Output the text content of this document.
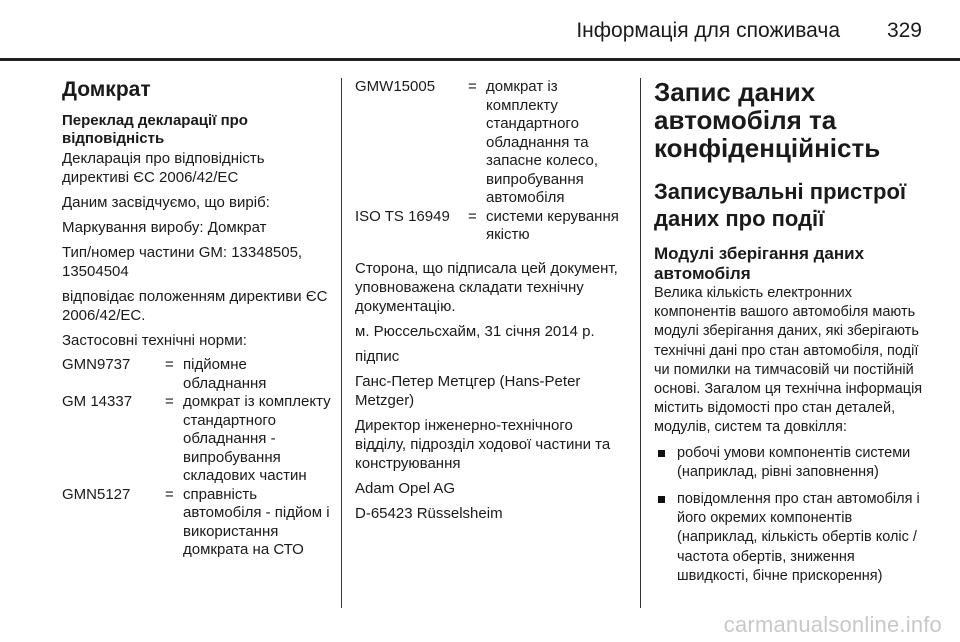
Інформація для споживача 329
Домкрат
Переклад декларації про відповідність

Декларація про відповідність директиві ЄС 2006/42/ЕС

Даним засвідчуємо, що виріб:

Маркування виробу: Домкрат

Тип/номер частини GM: 13348505, 13504504

відповідає положенням директиви ЄС 2006/42/ЕС.

Застосовні технічні норми:

GMN9737	=	підйомне обладнання
GM 14337	=	домкрат із комплекту стандартного обладнання - випробування складових частин
GMN5127	=	справність автомобіля - підйом і використання домкрата на СТО
GMW15005	=	домкрат із комплекту стандартного обладнання та запасне колесо, випробування автомобіля
ISO TS 16949	=	системи керування якістю

Сторона, що підписала цей документ, уповноважена складати технічну документацію.

м. Рюссельсхайм, 31 січня 2014 р.

підпис

Ганс-Петер Метцгер (Hans-Peter Metzger)

Директор інженерно-технічного відділу, підрозділ ходової частини та конструювання

Adam Opel AG

D-65423 Rüsselsheim

Запис даних автомобіля та конфіденційність
Записувальні пристрої даних про події
Модулі зберігання даних автомобіля

Велика кількість електронних компонентів вашого автомобіля мають модулі зберігання даних, які зберігають технічні дані про стан автомобіля, події чи помилки на тимчасовій чи постійній основі. Загалом ця технічна інформація містить відомості про стан деталей, модулів, систем та довкілля:

робочі умови компонентів системи (наприклад, рівні заповнення)
повідомлення про стан автомобіля і його окремих компонентів (наприклад, кількість обертів коліс / частота обертів, зниження швидкості, бічне прискорення)
carmanualsonline.info
